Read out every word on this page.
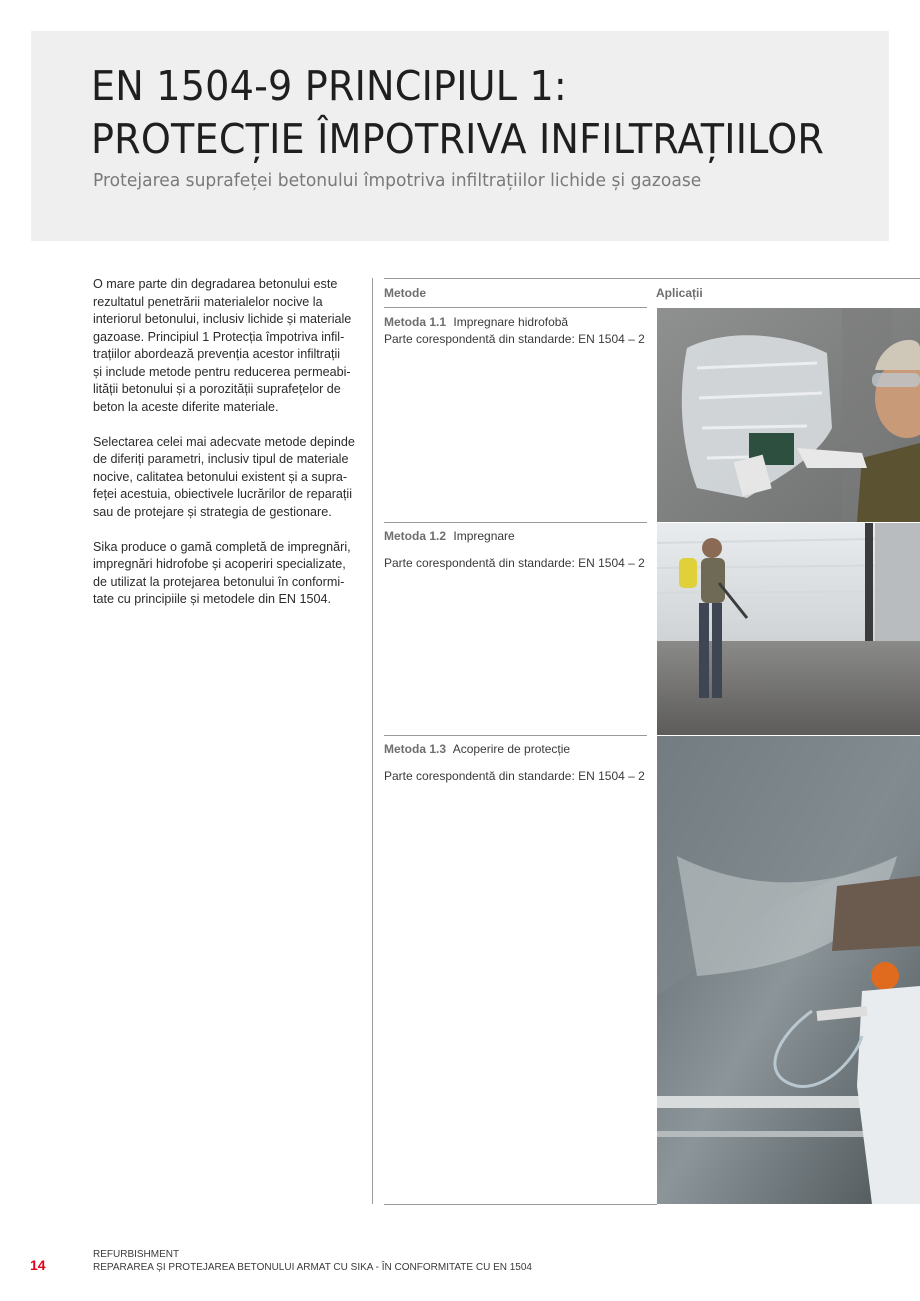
EN 1504-9 PRINCIPIUL 1:
PROTECȚIE ÎMPOTRIVA INFILTRAȚIILOR

Protejarea suprafeței betonului împotriva infiltrațiilor lichide și gazoase

O mare parte din degradarea betonului este
rezultatul penetrării materialelor nocive la
interiorul betonului, inclusiv lichide și materiale
gazoase. Principiul 1 Protecția împotriva infil-
trațiilor abordează prevenția acestor infiltrații
și include metode pentru reducerea permeabi-
lității betonului și a porozității suprafețelor de
beton la aceste diferite materiale.

Selectarea celei mai adecvate metode depinde
de diferiți parametri, inclusiv tipul de materiale
nocive, calitatea betonului existent și a supra-
feței acestuia, obiectivele lucrărilor de reparații
sau de protejare și strategia de gestionare.

Sika produce o gamă completă de impregnări,
impregnări hidrofobe și acoperiri specializate,
de utilizat la protejarea betonului în conformi-
tate cu principiile și metodele din EN 1504.

Metode	Aplicații
Metoda 1.1 Impregnare hidrofobă
Parte corespondentă din standarde: EN 1504 – 2
Metoda 1.2 Impregnare
Parte corespondentă din standarde: EN 1504 – 2
Metoda 1.3 Acoperire de protecție
Parte corespondentă din standarde: EN 1504 – 2
14
REFURBISHMENT
REPARAREA ȘI PROTEJAREA BETONULUI ARMAT CU SIKA - ÎN CONFORMITATE CU EN 1504
